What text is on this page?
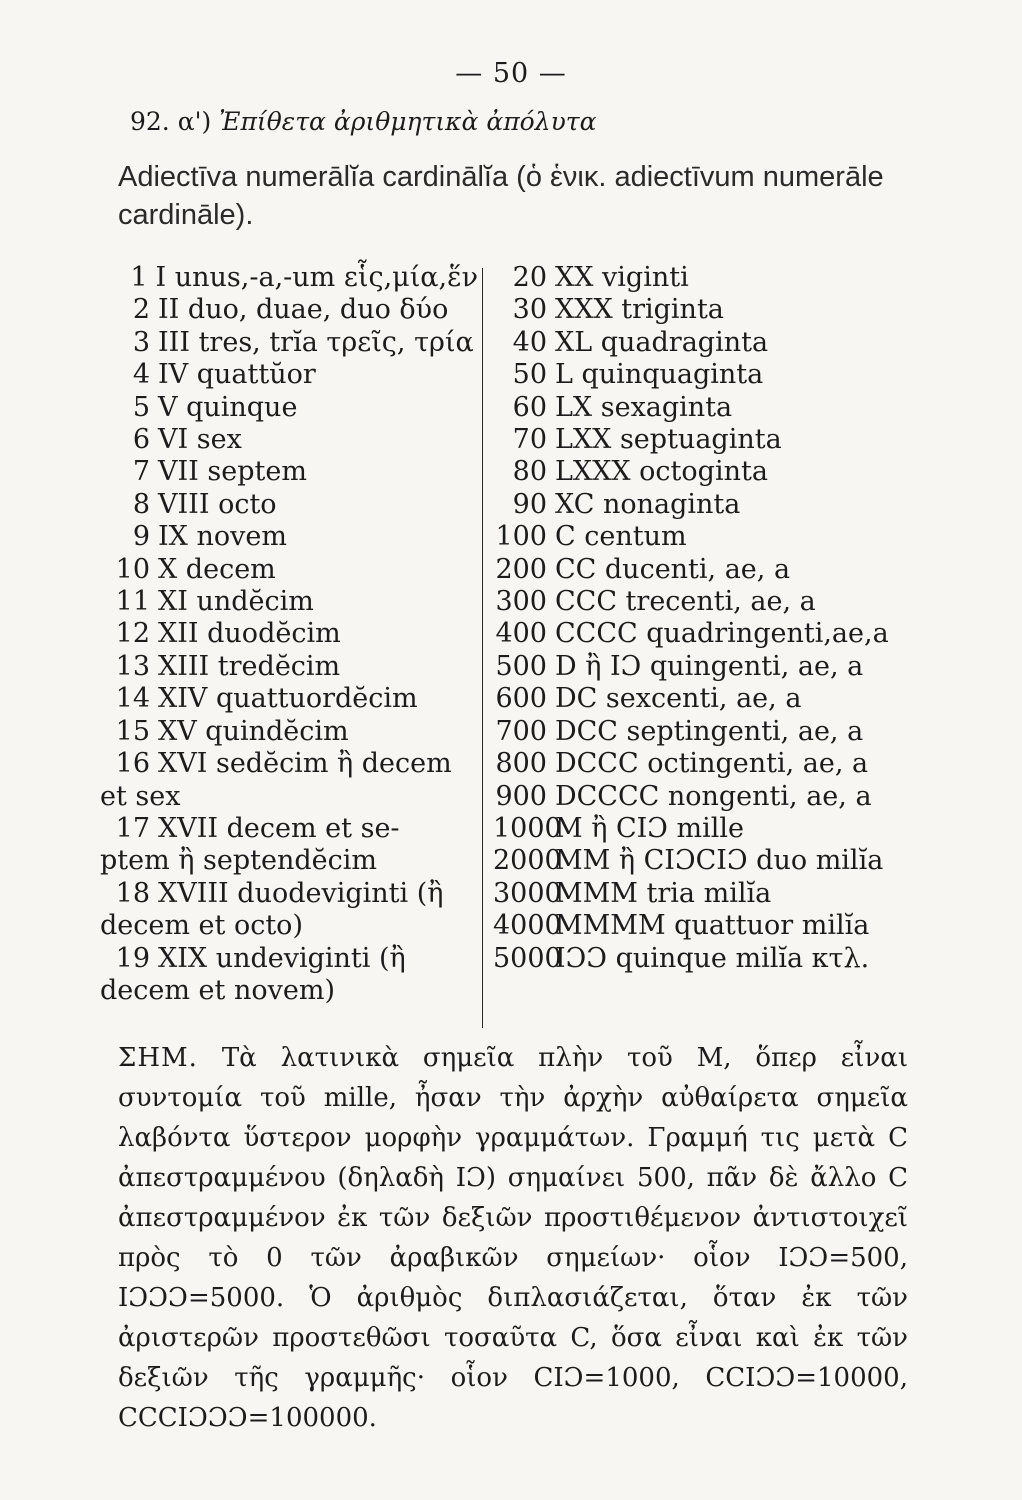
— 50 —
92. α') Ἐπίθετα ἀριθμητικὰ ἀπόλυτα
Adiectīva numerālĭa cardinālĭa (ὁ ἑνικ. adiectīvum numerāle cardināle).
1 I unus,-a,-um εἷς,μία,ἕν
2 II duo, duae, duo δύο
3 III tres, trĭa τρεῖς, τρία
4 IV quattŭor
5 V quinque
6 VI sex
7 VII septem
8 VIII octo
9 IX novem
10 X decem
11 XI undĕcim
12 XII duodĕcim
13 XIII tredĕcim
14 XIV quattuordĕcim
15 XV quindĕcim
16 XVI sedĕcim ἢ decem
et sex
17 XVII decem et se-
ptem ἢ septendĕcim
18 XVIII duodeviginti (ἢ
decem et octo)
19 XIX undeviginti (ἢ
decem et novem)
20 XX viginti
30 XXX triginta
40 XL quadraginta
50 L quinquaginta
60 LX sexaginta
70 LXX septuaginta
80 LXXX octoginta
90 XC nonaginta
100 C centum
200 CC ducenti, ae, a
300 CCC trecenti, ae, a
400 CCCC quadringenti,ae,a
500 D ἢ IƆ quingenti, ae, a
600 DC sexcenti, ae, a
700 DCC septingenti, ae, a
800 DCCC octingenti, ae, a
900 DCCCC nongenti, ae, a
1000
M ἢ CIƆ mille
2000
MM ἢ CIƆCIƆ duo milĭa
3000
MMM tria milĭa
4000
MMMM quattuor milĭa
5000
IƆƆ quinque milĭa κτλ.
ΣΗΜ. Τὰ λατινικὰ σημεῖα πλὴν τοῦ M, ὅπερ εἶναι συντομία τοῦ mille, ἦσαν τὴν ἀρχὴν αὐθαίρετα σημεῖα λαβόντα ὕστερον μορφὴν γραμμάτων. Γραμμή τις μετὰ C ἀπεστραμμένου (δηλαδὴ IƆ) σημαίνει 500, πᾶν δὲ ἄλλο C ἀπεστραμμένον ἐκ τῶν δεξιῶν προστιθέμενον ἀντιστοιχεῖ πρὸς τὸ 0 τῶν ἀραβικῶν σημείων· οἷον IƆƆ=500, IƆƆƆ=5000. Ὁ ἀριθμὸς διπλασιάζεται, ὅταν ἐκ τῶν ἀριστερῶν προστεθῶσι τοσαῦτα C, ὅσα εἶναι καὶ ἐκ τῶν δεξιῶν τῆς γραμμῆς· οἷον CIƆ=1000, CCIƆƆ=10000, CCCIƆƆƆ=100000.
